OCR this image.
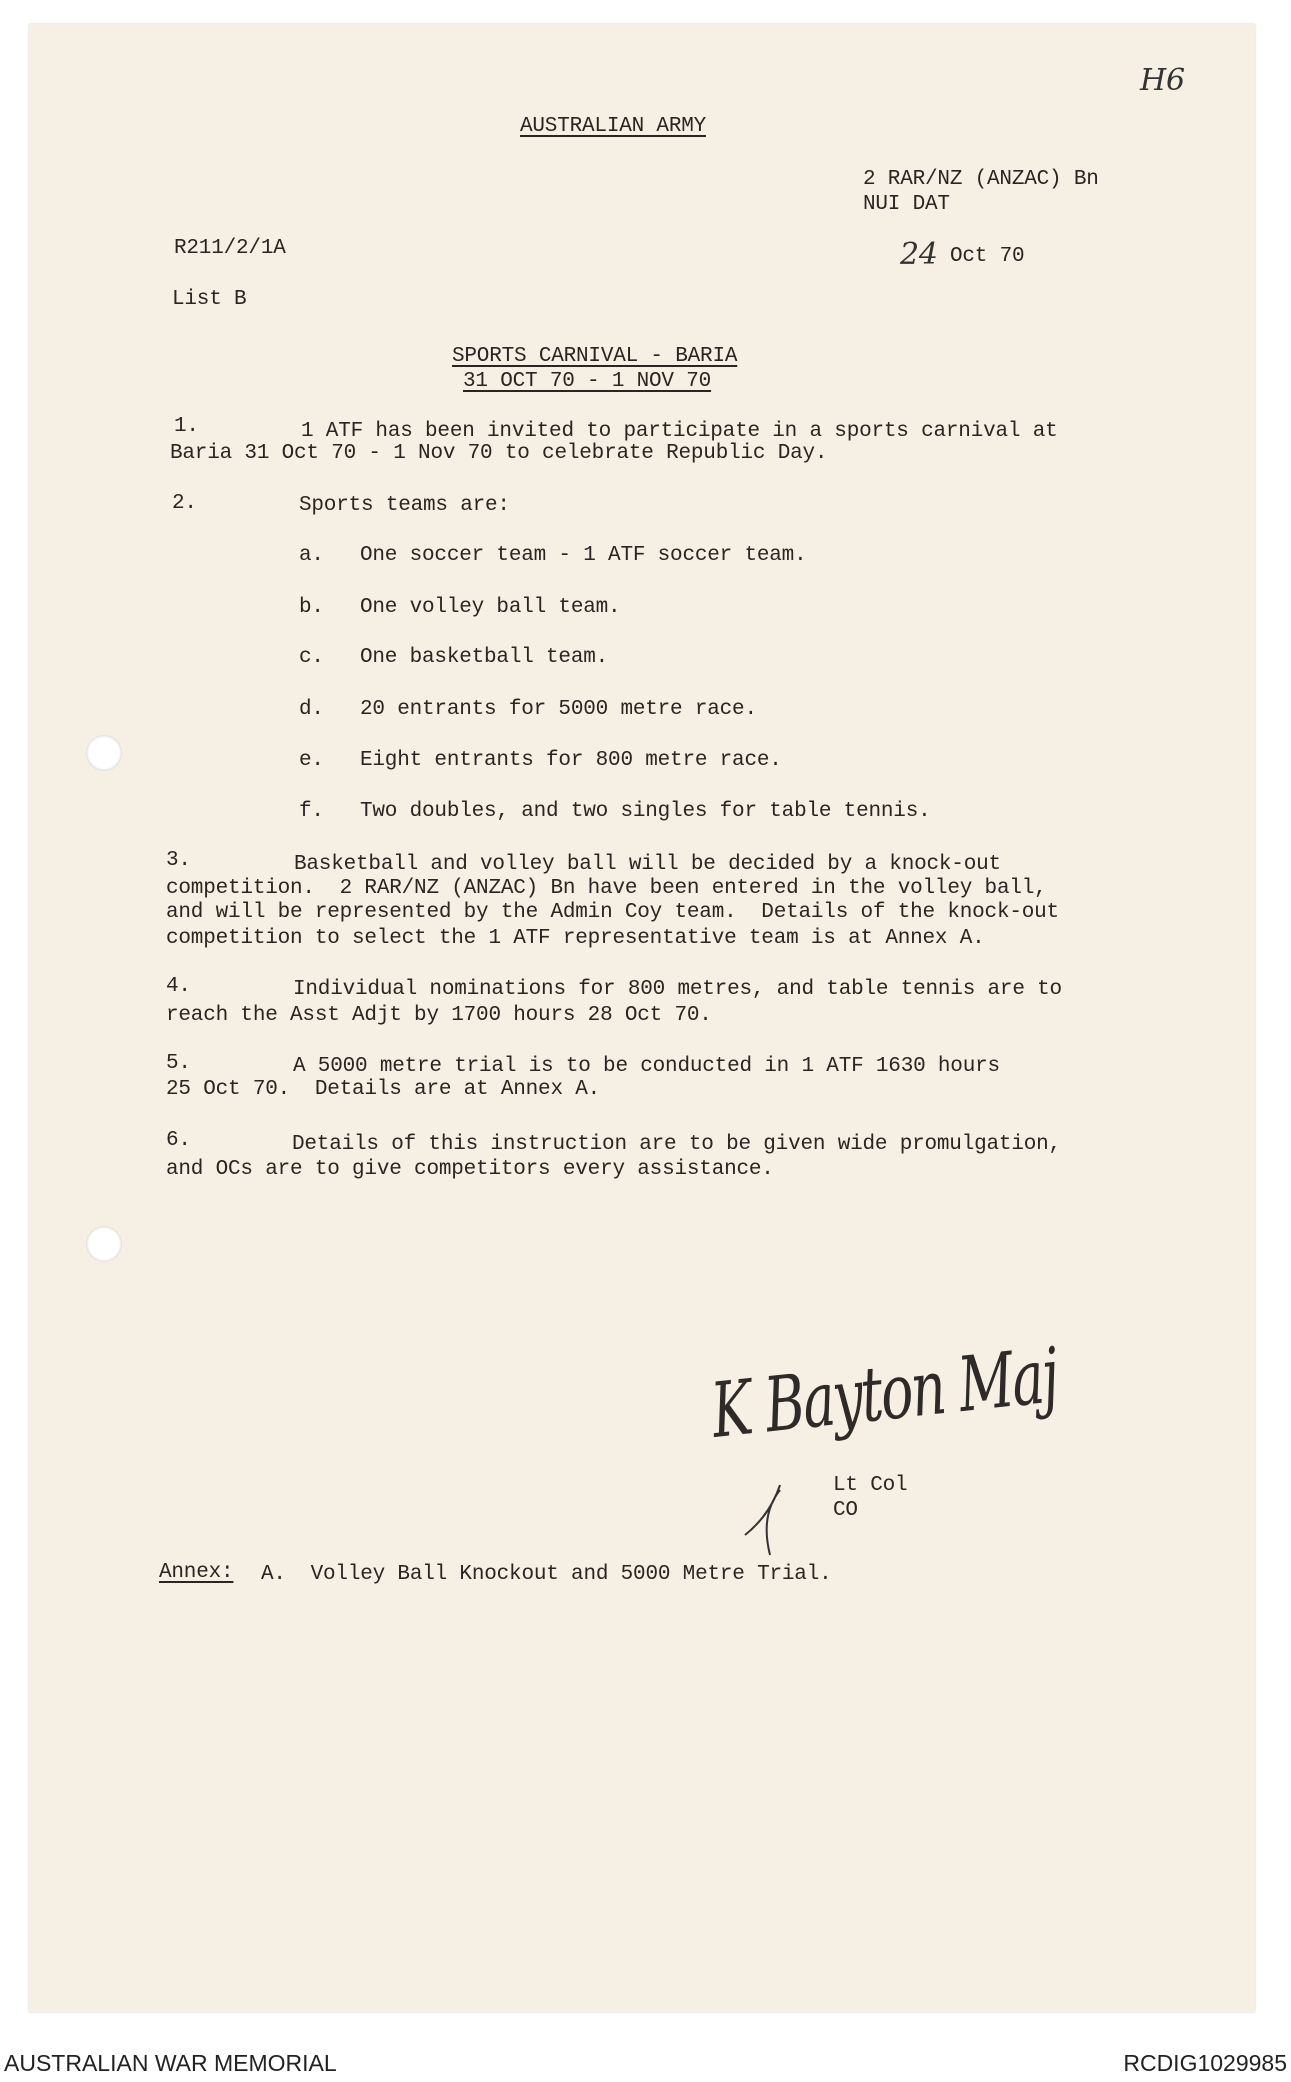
H6
AUSTRALIAN ARMY
2 RAR/NZ (ANZAC) Bn
NUI DAT
R211/2/1A	24 Oct 70
List B
SPORTS CARNIVAL - BARIA
31 OCT 70 - 1 NOV 70
1.	1 ATF has been invited to participate in a sports carnival at
Baria 31 Oct 70 - 1 Nov 70 to celebrate Republic Day.
2.	Sports teams are:
a. One soccer team - 1 ATF soccer team.
b. One volley ball team.
c. One basketball team.
d. 20 entrants for 5000 metre race.
e. Eight entrants for 800 metre race.
f. Two doubles, and two singles for table tennis.
3.	Basketball and volley ball will be decided by a knock-out
competition.  2 RAR/NZ (ANZAC) Bn have been entered in the volley ball,
and will be represented by the Admin Coy team.  Details of the knock-out
competition to select the 1 ATF representative team is at Annex A.
4.	Individual nominations for 800 metres, and table tennis are to
reach the Asst Adjt by 1700 hours 28 Oct 70.
5.	A 5000 metre trial is to be conducted in 1 ATF 1630 hours
25 Oct 70.  Details are at Annex A.
6.	Details of this instruction are to be given wide promulgation,
and OCs are to give competitors every assistance.
K Bayton Maj
Lt Col
CO
Annex: A.  Volley Ball Knockout and 5000 Metre Trial.
AUSTRALIAN WAR MEMORIAL	RCDIG1029985
